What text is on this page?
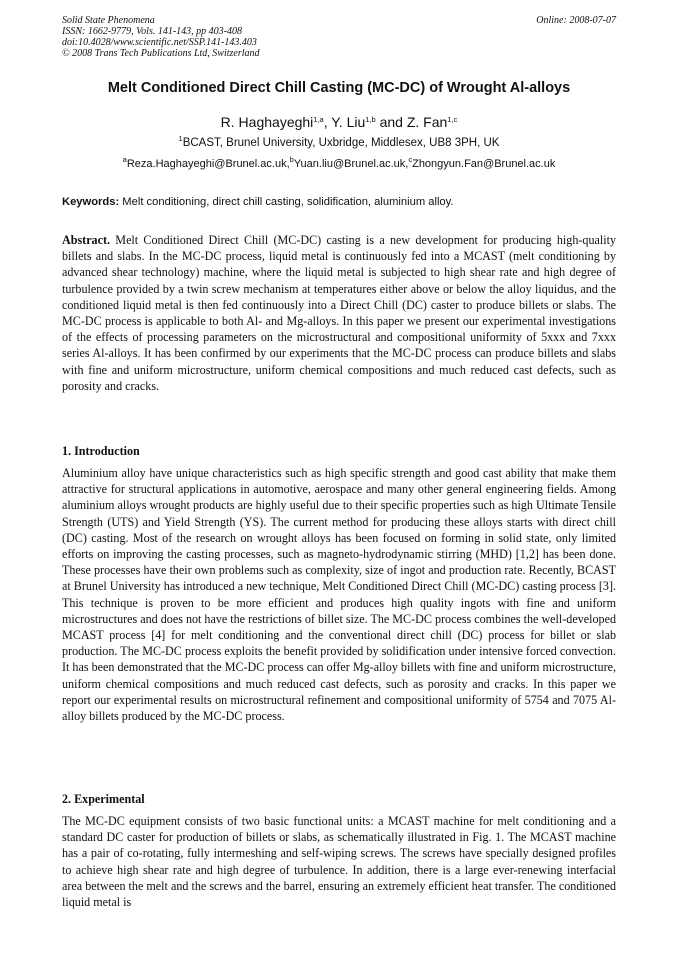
Solid State Phenomena
ISSN: 1662-9779, Vols. 141-143, pp 403-408
doi:10.4028/www.scientific.net/SSP.141-143.403
© 2008 Trans Tech Publications Ltd, Switzerland
Online: 2008-07-07
Melt Conditioned Direct Chill Casting (MC-DC) of Wrought Al-alloys
R. Haghayeghi$^{1,a}$, Y. Liu$^{1,b}$ and Z. Fan$^{1,c}$
$^1$BCAST, Brunel University, Uxbridge, Middlesex, UB8 3PH, UK
$^a$Reza.Haghayeghi@Brunel.ac.uk,$^b$Yuan.liu@Brunel.ac.uk,$^c$Zhongyun.Fan@Brunel.ac.uk
Keywords: Melt conditioning, direct chill casting, solidification, aluminium alloy.

Abstract. Melt Conditioned Direct Chill (MC-DC) casting is a new development for producing high-quality billets and slabs. In the MC-DC process, liquid metal is continuously fed into a MCAST (melt conditioning by advanced shear technology) machine, where the liquid metal is subjected to high shear rate and high degree of turbulence provided by a twin screw mechanism at temperatures either above or below the alloy liquidus, and the conditioned liquid metal is then fed continuously into a Direct Chill (DC) caster to produce billets or slabs. The MC-DC process is applicable to both Al- and Mg-alloys. In this paper we present our experimental investigations of the effects of processing parameters on the microstructural and compositional uniformity of 5xxx and 7xxx series Al-alloys. It has been confirmed by our experiments that the MC-DC process can produce billets and slabs with fine and uniform microstructure, uniform chemical compositions and much reduced cast defects, such as porosity and cracks.

1. Introduction

Aluminium alloy have unique characteristics such as high specific strength and good cast ability that make them attractive for structural applications in automotive, aerospace and many other general engineering fields. Among aluminium alloys wrought products are highly useful due to their specific properties such as high Ultimate Tensile Strength (UTS) and Yield Strength (YS). The current method for producing these alloys starts with direct chill (DC) casting. Most of the research on wrought alloys has been focused on forming in solid state, only limited efforts on improving the casting processes, such as magneto-hydrodynamic stirring (MHD) [1,2] has been done. These processes have their own problems such as complexity, size of ingot and production rate. Recently, BCAST at Brunel University has introduced a new technique, Melt Conditioned Direct Chill (MC-DC) casting process [3]. This technique is proven to be more efficient and produces high quality ingots with fine and uniform microstructures and does not have the restrictions of billet size. The MC-DC process combines the well-developed MCAST process [4] for melt conditioning and the conventional direct chill (DC) process for billet or slab production. The MC-DC process exploits the benefit provided by solidification under intensive forced convection. It has been demonstrated that the MC-DC process can offer Mg-alloy billets with fine and uniform microstructure, uniform chemical compositions and much reduced cast defects, such as porosity and cracks. In this paper we report our experimental results on microstructural refinement and compositional uniformity of 5754 and 7075 Al-alloy billets produced by the MC-DC process.

2. Experimental

The MC-DC equipment consists of two basic functional units: a MCAST machine for melt conditioning and a standard DC caster for production of billets or slabs, as schematically illustrated in Fig. 1. The MCAST machine has a pair of co-rotating, fully intermeshing and self-wiping screws. The screws have specially designed profiles to achieve high shear rate and high degree of turbulence. In addition, there is a large ever-renewing interfacial area between the melt and the screws and the barrel, ensuring an extremely efficient heat transfer. The conditioned liquid metal is
